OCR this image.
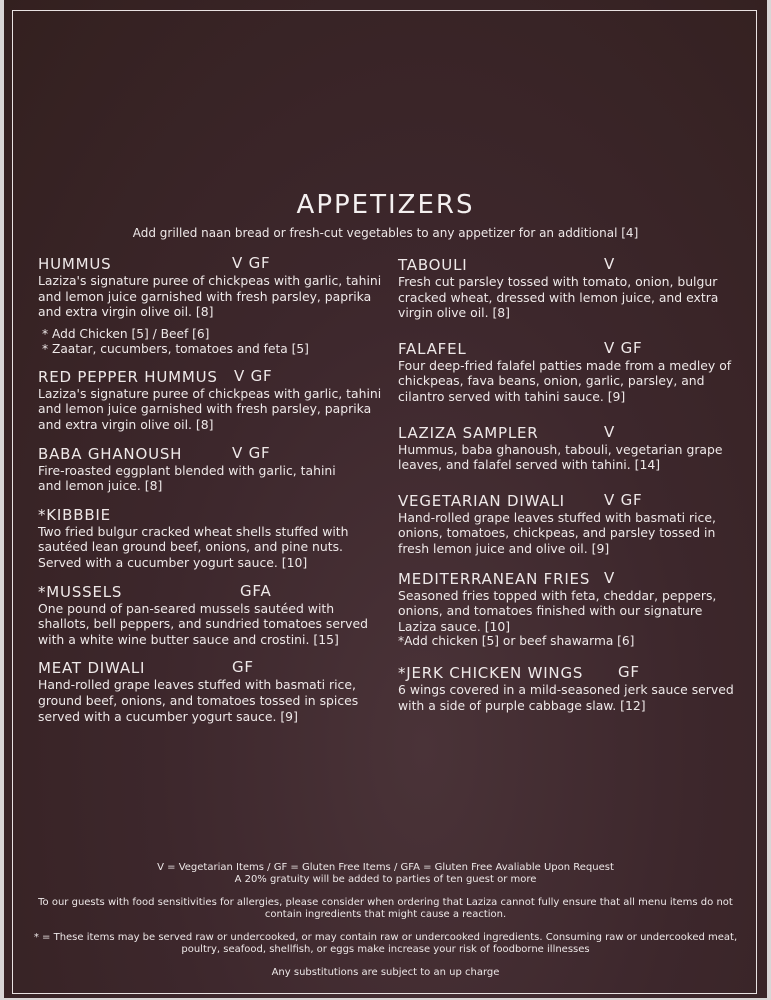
APPETIZERS
Add grilled naan bread or fresh-cut vegetables to any appetizer for an additional [4]
HUMMUS	V GF
Laziza's signature puree of chickpeas with garlic, tahini and lemon juice garnished with fresh parsley, paprika and extra virgin olive oil. [8]
* Add Chicken [5] / Beef [6]
* Zaatar, cucumbers, tomatoes and feta [5]
RED PEPPER HUMMUS V GF
Laziza's signature puree of chickpeas with garlic, tahini and lemon juice garnished with fresh parsley, paprika and extra virgin olive oil. [8]
BABA GHANOUSH	V GF
Fire-roasted eggplant blended with garlic, tahini and lemon juice. [8]
*KIBBBIE
Two fried bulgur cracked wheat shells stuffed with sautéed lean ground beef, onions, and pine nuts. Served with a cucumber yogurt sauce. [10]
*MUSSELS	GFA
One pound of pan-seared mussels sautéed with shallots, bell peppers, and sundried tomatoes served with a white wine butter sauce and crostini. [15]
MEAT DIWALI	GF
Hand-rolled grape leaves stuffed with basmati rice, ground beef, onions, and tomatoes tossed in spices served with a cucumber yogurt sauce. [9]
TABOULI	V
Fresh cut parsley tossed with tomato, onion, bulgur cracked wheat, dressed with lemon juice, and extra virgin olive oil. [8]
FALAFEL	V GF
Four deep-fried falafel patties made from a medley of chickpeas, fava beans, onion, garlic, parsley, and cilantro served with tahini sauce. [9]
LAZIZA SAMPLER	V
Hummus, baba ghanoush, tabouli, vegetarian grape leaves, and falafel served with tahini. [14]
VEGETARIAN DIWALI	V GF
Hand-rolled grape leaves stuffed with basmati rice, onions, tomatoes, chickpeas, and parsley tossed in fresh lemon juice and olive oil. [9]
MEDITERRANEAN FRIES V
Seasoned fries topped with feta, cheddar, peppers, onions, and tomatoes finished with our signature Laziza sauce. [10]
*Add chicken [5] or beef shawarma [6]
*JERK CHICKEN WINGS GF
6 wings covered in a mild-seasoned jerk sauce served with a side of purple cabbage slaw. [12]

V = Vegetarian Items / GF = Gluten Free Items / GFA = Gluten Free Avaliable Upon Request

A 20% gratuity will be added to parties of ten guest or more

To our guests with food sensitivities for allergies, please consider when ordering that Laziza cannot fully ensure that all menu items do not contain ingredients that might cause a reaction.

* = These items may be served raw or undercooked, or may contain raw or undercooked ingredients. Consuming raw or undercooked meat, poultry, seafood, shellfish, or eggs make increase your risk of foodborne illnesses

Any substitutions are subject to an up charge
